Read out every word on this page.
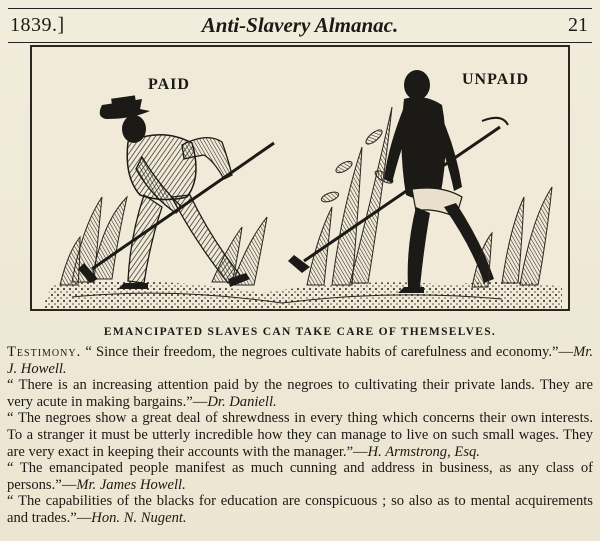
1839.]	Anti-Slavery Almanac.	21
PAID	UNPAID
EMANCIPATED SLAVES CAN TAKE CARE OF THEMSELVES.
Testimony. “ Since their freedom, the negroes cultivate habits of carefulness and economy.”—Mr. J. Howell.
“ There is an increasing attention paid by the negroes to cultivating their private lands. They are very acute in making bargains.”—Dr. Daniell.
“ The negroes show a great deal of shrewdness in every thing which concerns their own interests. To a stranger it must be utterly incredible how they can manage to live on such small wages. They are very exact in keeping their accounts with the manager.”—H. Armstrong, Esq.
“ The emancipated people manifest as much cunning and address in business, as any class of persons.”—Mr. James Howell.
“ The capabilities of the blacks for education are conspicuous ; so also as to mental acquirements and trades.”—Hon. N. Nugent.
